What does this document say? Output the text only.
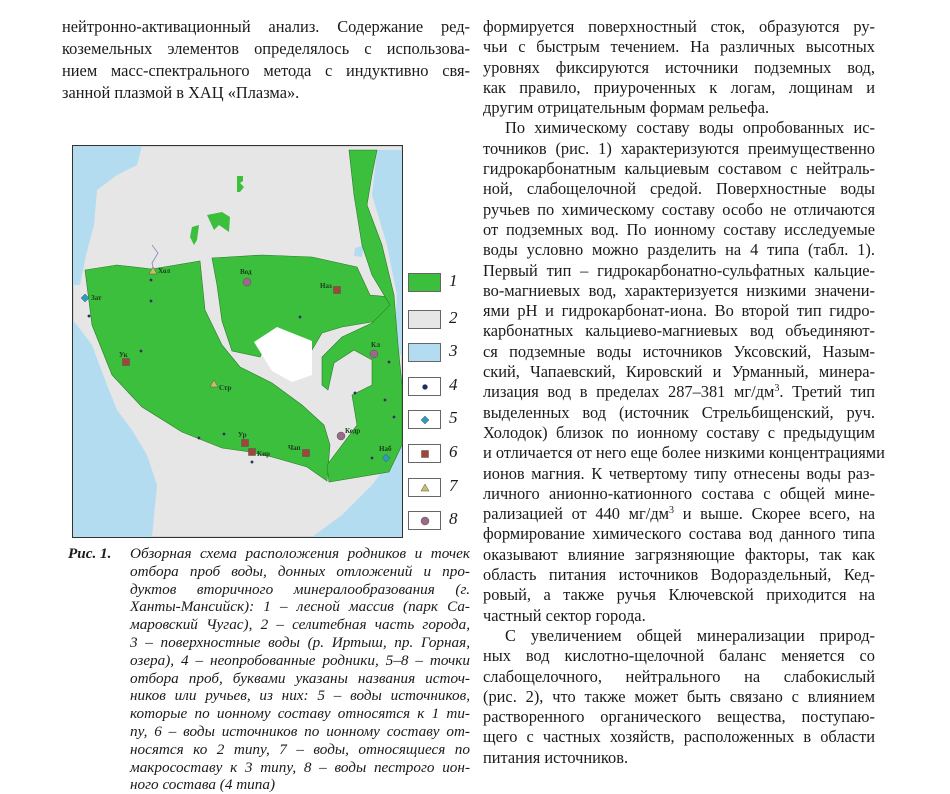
нейтронно-активационный анализ. Содержание ред-
коземельных элементов определялось с использова-
нием масс-спектрального метода с индуктивно свя-
занной плазмой в ХАЦ «Плазма».
формируется поверхностный сток, образуются ру-
чьи с быстрым течением. На различных высотных
уровнях фиксируются источники подземных вод,
как правило, приуроченных к логам, лощинам и
другим отрицательным формам рельефа.
По химическому составу воды опробованных ис-
точников (рис. 1) характеризуются преимущественно
гидрокарбонатным кальциевым составом с нейтраль-
ной, слабощелочной средой. Поверхностные воды
ручьев по химическому составу особо не отличаются
от подземных вод. По ионному составу исследуемые
воды условно можно разделить на 4 типа (табл. 1).
Первый тип – гидрокарбонатно-сульфатных кальцие-
во-магниевых вод, характеризуется низкими значени-
ями рН и гидрокарбонат-иона. Во второй тип гидро-
карбонатных кальциево-магниевых вод объединяют-
ся подземные воды источников Уксовский, Назым-
ский, Чапаевский, Кировский и Урманный, минера-
лизация вод в пределах 287–381 $мг/дм^3$. Третий тип
выделенных вод (источник Стрельбищенский, руч.
Холодок) близок по ионному составу с предыдущим
и отличается от него еще более низкими концентрациями
ионов магния. К четвертому типу отнесены воды раз-
личного анионно-катионного состава с общей мине-
рализацией от 440 $мг/дм^3$ и выше. Скорее всего, на
формирование химического состава вод данного типа
оказывают влияние загрязняющие факторы, так как
область питания источников Водораздельный, Кед-
ровый, а также ручья Ключевской приходится на
частный сектор города.
С увеличением общей минерализации природ-
ных вод кислотно-щелочной баланс меняется со
слабощелочного, нейтрального на слабокислый
(рис. 2), что также может быть связано с влиянием
растворенного органического вещества, поступаю-
щего с частных хозяйств, расположенных в области
питания источников.
Хол
Зат
Вод
Наз
Кл
Ук
Стр
Ур
Кир
Чап
Кедр
Наб
1
2
3
4
5
6
7
8
Рис. 1. Обзорная схема расположения родников и точек
отбора проб воды, донных отложений и про-
дуктов вторичного минералообразования (г.
Ханты-Мансийск): 1 – лесной массив (парк Са-
маровский Чугас), 2 – селитебная часть города,
3 – поверхностные воды (р. Иртыш, пр. Горная,
озера), 4 – неопробованные родники, 5–8 – точки
отбора проб, буквами указаны названия источ-
ников или ручьев, из них: 5 – воды источников,
которые по ионному составу относятся к 1 ти-
пу, 6 – воды источников по ионному составу от-
носятся ко 2 типу, 7 – воды, относящиеся по
макросоставу к 3 типу, 8 – воды пестрого ион-
ного состава (4 типа)
